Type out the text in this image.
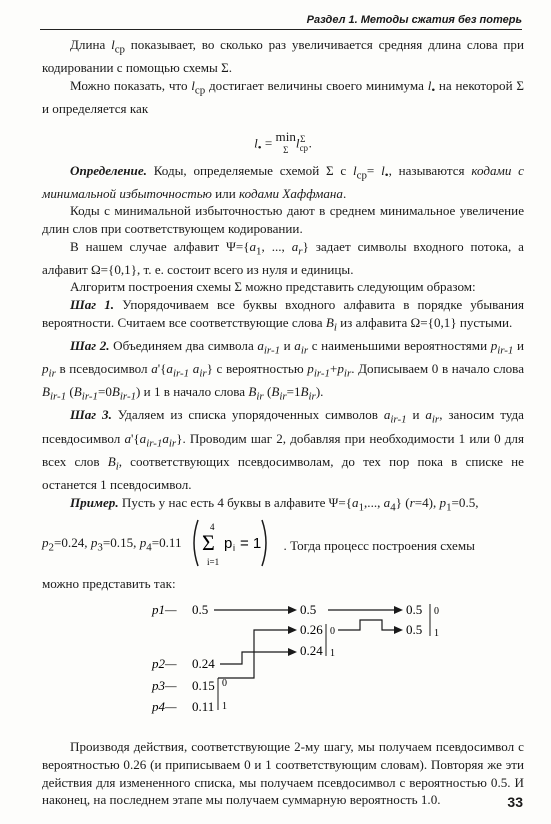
Раздел 1. Методы сжатия без потерь

Длина $l_{ср}$ показывает, во сколько раз увеличивается средняя длина слова при кодировании с помощью схемы Σ.

Можно показать, что $l_{ср}$ достигает величины своего минимума $l_•$ на некоторой Σ и определяется как

$l_• = \min$
$\Sigma l_{ср}^\Sigma$ .

Определение. Коды, определяемые схемой Σ с $l_{ср}= l_•$, называются кодами с минимальной избыточностью или кодами Хаффмана.

Коды с минимальной избыточностью дают в среднем минимальное увеличение длин слов при соответствующем кодировании.

В нашем случае алфавит $\Psi=\{a_1$, ..., $a_r$} задает символы входного потока, а алфавит Ω={0,1}, т. е. состоит всего из нуля и единицы.

Алгоритм построения схемы Σ можно представить следующим образом:

Шаг 1. Упорядочиваем все буквы входного алфавита в порядке убывания вероятности. Считаем все соответствующие слова $B_i$ из алфавита Ω={0,1} пустыми.

Шаг 2. Объединяем два символа $a_{ir-1}$ и $a_{ir}$ с наименьшими вероятностями $p_{ir-1}$ и $p_{ir}$ в псевдосимвол $a'\{a_{ir-1}$ $a_{ir}$} с вероятностью $p_{ir-1}+p_{ir}$. Дописываем 0 в начало слова $B_{ir-1}$ $(B_{ir-1}=0B_{ir-1})$ и 1 в начало слова $B_{ir}$ $(B_{ir}=1B_{ir})$.

Шаг 3. Удаляем из списка упорядоченных символов $a_{ir-1}$ и $a_{ir}$, заносим туда псевдосимвол $a'\{a_{ir-1}a_{ir}\}$. Проводим шаг 2, добавляя при необходимости 1 или 0 для всех слов $B_i$, соответствующих псевдосимволам, до тех пор пока в списке не останется 1 псевдосимвол.

Пример. Пусть у нас есть 4 буквы в алфавите $\Psi=\{a_1$,..., $a_4$} (r=4), $p_1=0.5$,

$p_2=0.24$, $p_3=0.15$, $p_4=0.11$
4
Σ
i=1
p i = 1 . Тогда процесс построения схемы

можно представить так:

p1—
p2—
p3—
p4—
0.5
0.24
0.15
0.11
0.5
0.26
0.24
0.5
0.5
0
1
0
1
0
1

Производя действия, соответствующие 2-му шагу, мы получаем псевдосимвол с вероятностью 0.26 (и приписываем 0 и 1 соответствующим словам). Повторяя же эти действия для измененного списка, мы получаем псевдосимвол с вероятностью 0.5. И наконец, на последнем этапе мы получаем суммарную вероятность 1.0.	33
